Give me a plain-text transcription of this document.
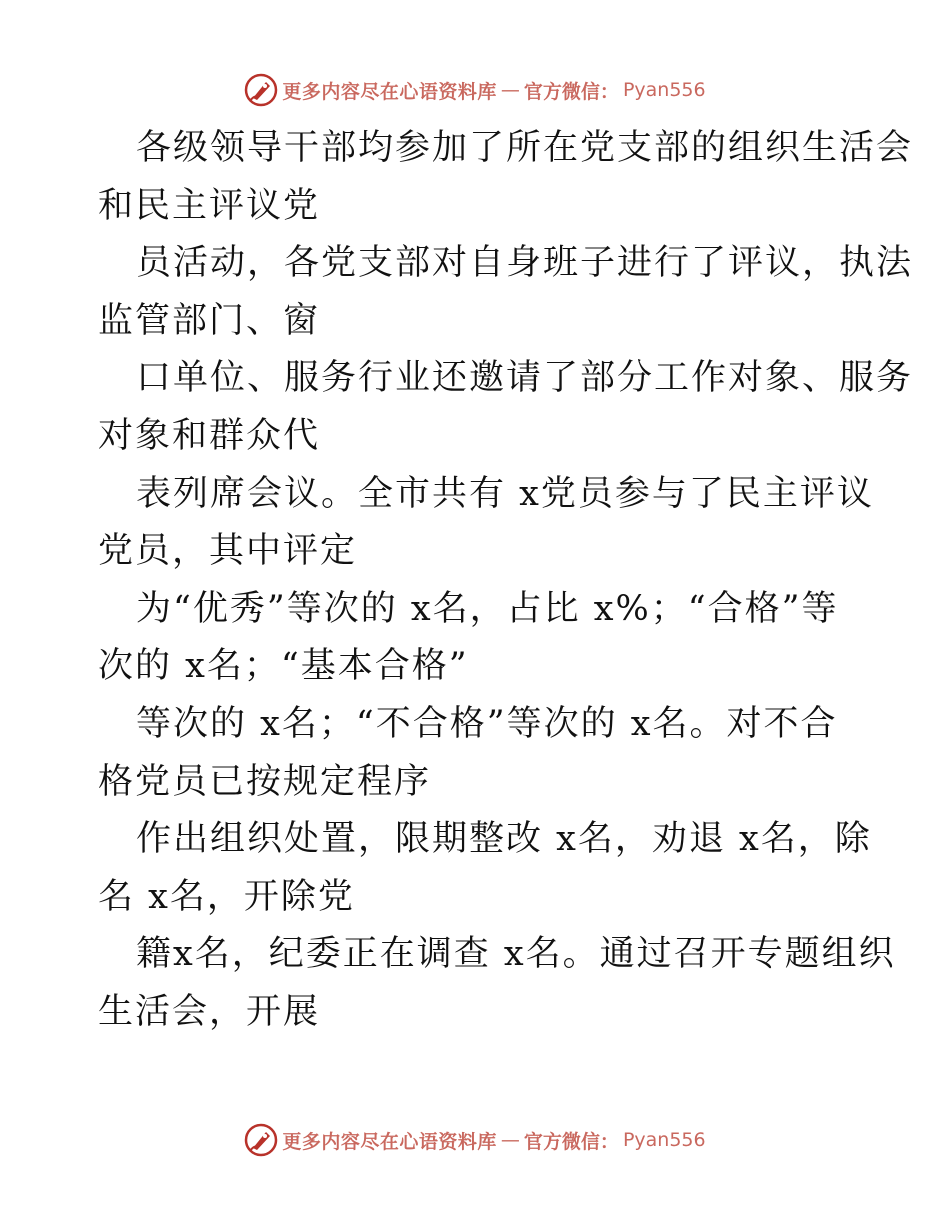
更多内容尽在心语资料库 — 官方微信： Pyan556
各级领导干部均参加了所在党支部的组织生活会
和民主评议党
员活动，各党支部对自身班子进行了评议，执法
监管部门、窗
口单位、服务行业还邀请了部分工作对象、服务
对象和群众代
表列席会议。全市共有 x党员参与了民主评议
党员，其中评定
为“优秀”等次的 x名，占比 x%；“合格”等
次的 x名；“基本合格”
等次的 x名；“不合格”等次的 x名。对不合
格党员已按规定程序
作出组织处置，限期整改 x名，劝退 x名，除
名 x名，开除党
籍x名，纪委正在调查 x名。通过召开专题组织
生活会，开展
更多内容尽在心语资料库 — 官方微信： Pyan556
